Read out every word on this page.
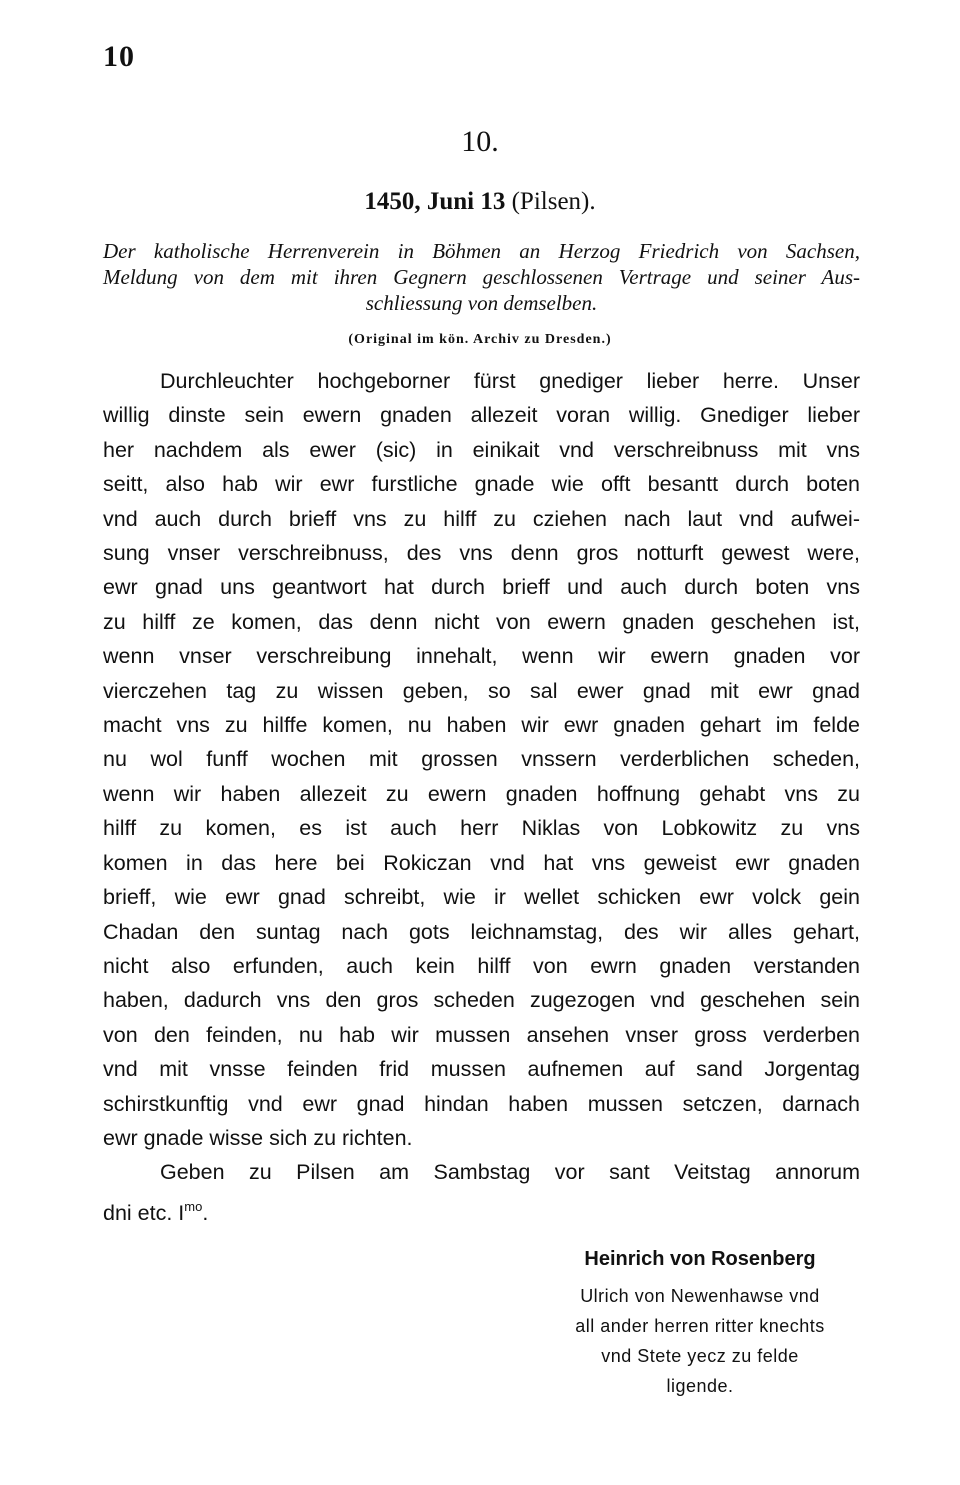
10
10.
1450, Juni 13 (Pilsen).
Der katholische Herrenverein in Böhmen an Herzog Friedrich von Sachsen,
Meldung von dem mit ihren Gegnern geschlossenen Vertrage und seiner Aus-
schliessung von demselben.
(Original im kön. Archiv zu Dresden.)
Durchleuchter hochgeborner fürst gnediger lieber herre. Unser
willig dinste sein ewern gnaden allezeit voran willig. Gnediger lieber
her nachdem als ewer (sic) in einikait vnd verschreibnuss mit vns
seitt, also hab wir ewr furstliche gnade wie offt besantt durch boten
vnd auch durch brieff vns zu hilff zu cziehen nach laut vnd aufwei-
sung vnser verschreibnuss, des vns denn gros notturft gewest were,
ewr gnad uns geantwort hat durch brieff und auch durch boten vns
zu hilff ze komen, das denn nicht von ewern gnaden geschehen ist,
wenn vnser verschreibung innehalt, wenn wir ewern gnaden vor
vierczehen tag zu wissen geben, so sal ewer gnad mit ewr gnad
macht vns zu hilffe komen, nu haben wir ewr gnaden gehart im felde
nu wol funff wochen mit grossen vnssern verderblichen scheden,
wenn wir haben allezeit zu ewern gnaden hoffnung gehabt vns zu
hilff zu komen, es ist auch herr Niklas von Lobkowitz zu vns
komen in das here bei Rokiczan vnd hat vns geweist ewr gnaden
brieff, wie ewr gnad schreibt, wie ir wellet schicken ewr volck gein
Chadan den suntag nach gots leichnamstag, des wir alles gehart,
nicht also erfunden, auch kein hilff von ewrn gnaden verstanden
haben, dadurch vns den gros scheden zugezogen vnd geschehen sein
von den feinden, nu hab wir mussen ansehen vnser gross verderben
vnd mit vnsse feinden frid mussen aufnemen auf sand Jorgentag
schirstkunftig vnd ewr gnad hindan haben mussen setczen, darnach
ewr gnade wisse sich zu richten.
Geben zu Pilsen am Sambstag vor sant Veitstag annorum
dni etc. $I^{mo}$.
Heinrich von Rosenberg
Ulrich von Newenhawse vnd
all ander herren ritter knechts
vnd Stete yecz zu felde
ligende.
